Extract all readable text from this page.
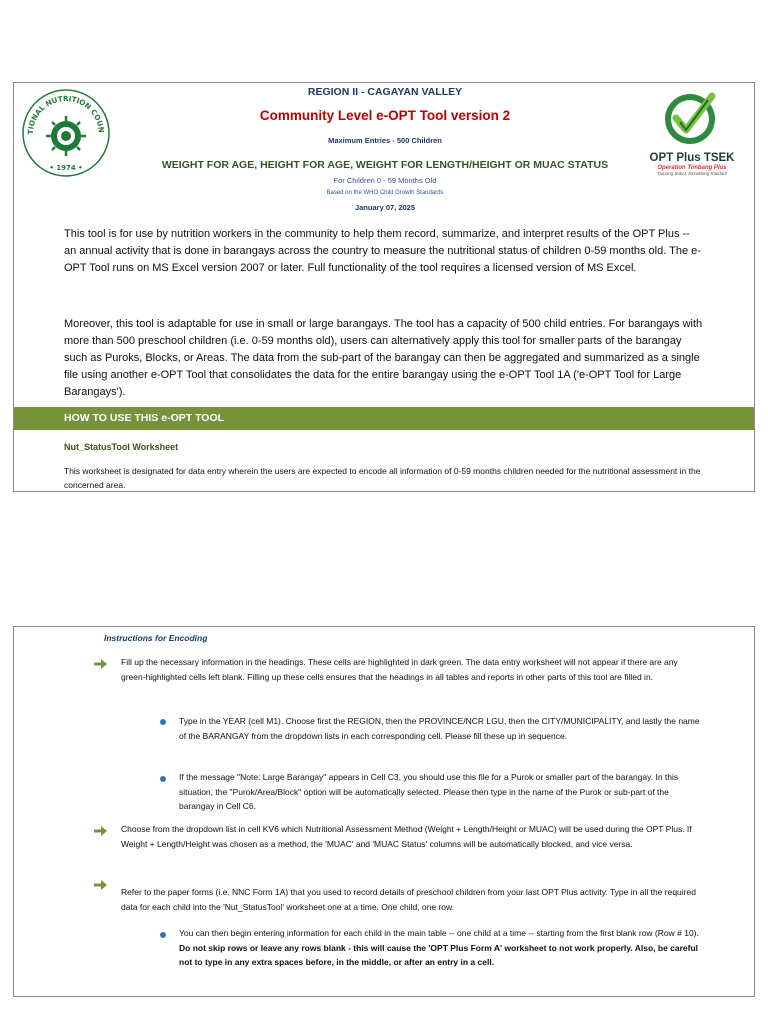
TIONAL NUTRITION COUN
• 1974 •
REGION II - CAGAYAN VALLEY
Community Level e-OPT Tool version 2
Maximum Entries - 500 Children
WEIGHT FOR AGE, HEIGHT FOR AGE, WEIGHT FOR LENGTH/HEIGHT OR MUAC STATUS
For Children 0 - 59 Months Old
Based on the WHO Child Growth Standards
January 07, 2025
OPT Plus TSEK
Operation Timbang Plus
Tamang Sukat, Eksaktong Kalidad!

This tool is for use by nutrition workers in the community to help them record, summarize, and interpret results of the OPT Plus -- an annual activity that is done in barangays across the country to measure the nutritional status of children 0-59 months old. The e-OPT Tool runs on MS Excel version 2007 or later. Full functionality of the tool requires a licensed version of MS Excel.

Moreover, this tool is adaptable for use in small or large barangays. The tool has a capacity of 500 child entries. For barangays with more than 500 preschool children (i.e. 0-59 months old), users can alternatively apply this tool for smaller parts of the barangay such as Puroks, Blocks, or Areas. The data from the sub-part of the barangay can then be aggregated and summarized as a single file using another e-OPT Tool that consolidates the data for the entire barangay using the e-OPT Tool 1A ('e-OPT Tool for Large Barangays').

HOW TO USE THIS e-OPT TOOL
Nut_StatusTool Worksheet

This worksheet is designated for data entry wherein the users are expected to encode all information of 0-59 months children needed for the nutritional assessment in the concerned area.

Instructions for Encoding

Fill up the necessary information in the headings. These cells are highlighted in dark green. The data entry worksheet will not appear if there are any green-highlighted cells left blank. Filling up these cells ensures that the headings in all tables and reports in other parts of this tool are filled in.

Type in the YEAR (cell M1). Choose first the REGION, then the PROVINCE/NCR LGU, then the CITY/MUNICIPALITY, and lastly the name of the BARANGAY from the dropdown lists in each corresponding cell. Please fill these up in sequence.

If the message "Note: Large Barangay" appears in Cell C3, you should use this file for a Purok or smaller part of the barangay. In this situation, the "Purok/Area/Block" option will be automatically selected. Please then type in the name of the Purok or sub-part of the barangay in Cell C6.

Choose from the dropdown list in cell KV6 which Nutritional Assessment Method (Weight + Length/Height or MUAC) will be used during the OPT Plus. If Weight + Length/Height was chosen as a method, the 'MUAC' and 'MUAC Status' columns will be automatically blocked, and vice versa.

Refer to the paper forms (i.e. NNC Form 1A) that you used to record details of preschool children from your last OPT Plus activity. Type in all the required data for each child into the 'Nut_StatusTool' worksheet one at a time. One child, one row.

You can then begin entering information for each child in the main table -- one child at a time -- starting from the first blank row (Row # 10). Do not skip rows or leave any rows blank - this will cause the 'OPT Plus Form A' worksheet to not work properly. Also, be careful not to type in any extra spaces before, in the middle, or after an entry in a cell.
